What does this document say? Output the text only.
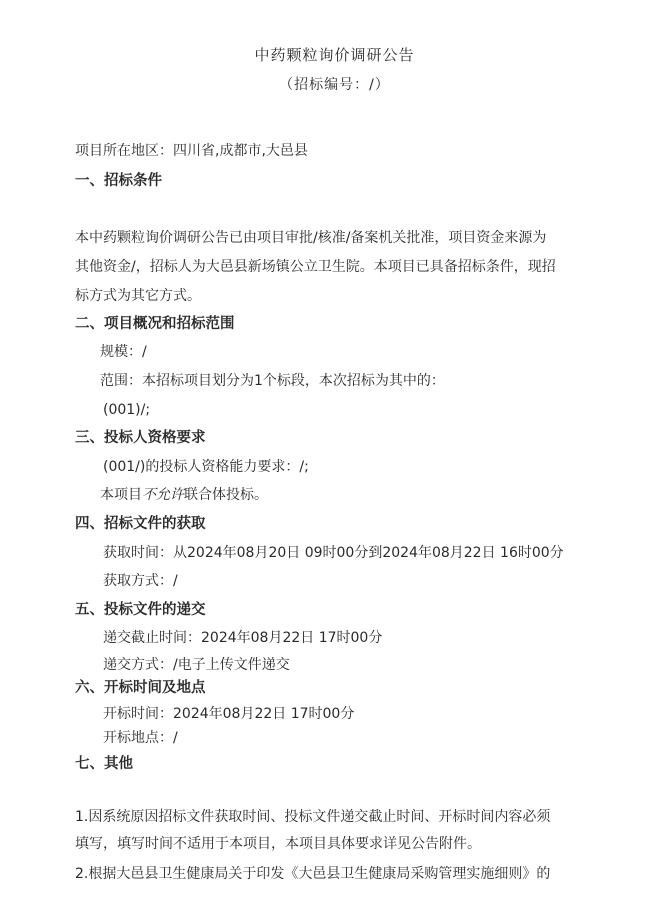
中药颗粒询价调研公告
（招标编号：/）
项目所在地区：四川省,成都市,大邑县
一、招标条件
本中药颗粒询价调研公告已由项目审批/核准/备案机关批准，项目资金来源为
其他资金/，招标人为大邑县新场镇公立卫生院。本项目已具备招标条件，现招
标方式为其它方式。
二、项目概况和招标范围
规模：/
范围：本招标项目划分为1个标段，本次招标为其中的：
(001)/;
三、投标人资格要求
(001/)的投标人资格能力要求：/;
本项目不允许联合体投标。
四、招标文件的获取
获取时间：从2024年08月20日 09时00分到2024年08月22日 16时00分
获取方式：/
五、投标文件的递交
递交截止时间：2024年08月22日 17时00分
递交方式：/电子上传文件递交
六、开标时间及地点
开标时间：2024年08月22日 17时00分
开标地点：/
七、其他
1.因系统原因招标文件获取时间、投标文件递交截止时间、开标时间内容必须
填写，填写时间不适用于本项目，本项目具体要求详见公告附件。
2.根据大邑县卫生健康局关于印发《大邑县卫生健康局采购管理实施细则》的
